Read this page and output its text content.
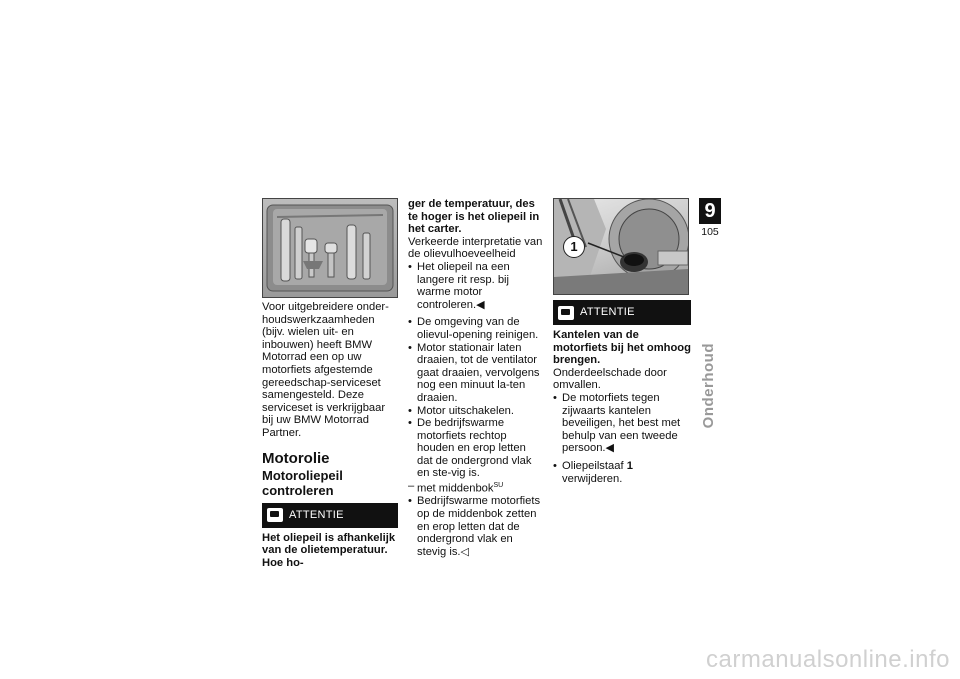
Voor uitgebreidere onder-houdswerkzaamheden (bijv. wielen uit- en inbouwen) heeft BMW Motorrad een op uw motorfiets afgestemde gereedschap-serviceset samengesteld. Deze serviceset is verkrijgbaar bij uw BMW Motorrad Partner.

Motorolie

Motoroliepeil controleren

ATTENTIE

Het oliepeil is afhankelijk van de olietemperatuur. Hoe ho-

ger de temperatuur, des te hoger is het oliepeil in het carter.

Verkeerde interpretatie van de olievulhoeveelheid

• Het oliepeil na een langere rit resp. bij warme motor controleren.◀

• De omgeving van de olievul-opening reinigen.

• Motor stationair laten draaien, tot de ventilator gaat draaien, vervolgens nog een minuut la-ten draaien.

• Motor uitschakelen.

• De bedrijfswarme motorfiets rechtop houden en erop letten dat de ondergrond vlak en ste-vig is.

– met middenbok$^{SU}$

• Bedrijfswarme motorfiets op de middenbok zetten en erop letten dat de ondergrond vlak en stevig is.◁

1
ATTENTIE

Kantelen van de motorfiets bij het omhoog brengen.

Onderdeelschade door omvallen.

• De motorfiets tegen zijwaarts kantelen beveiligen, het best met behulp van een tweede persoon.◀

• Oliepeilstaaf 1 verwijderen.

9
105
Onderhoud
carmanualsonline.info
